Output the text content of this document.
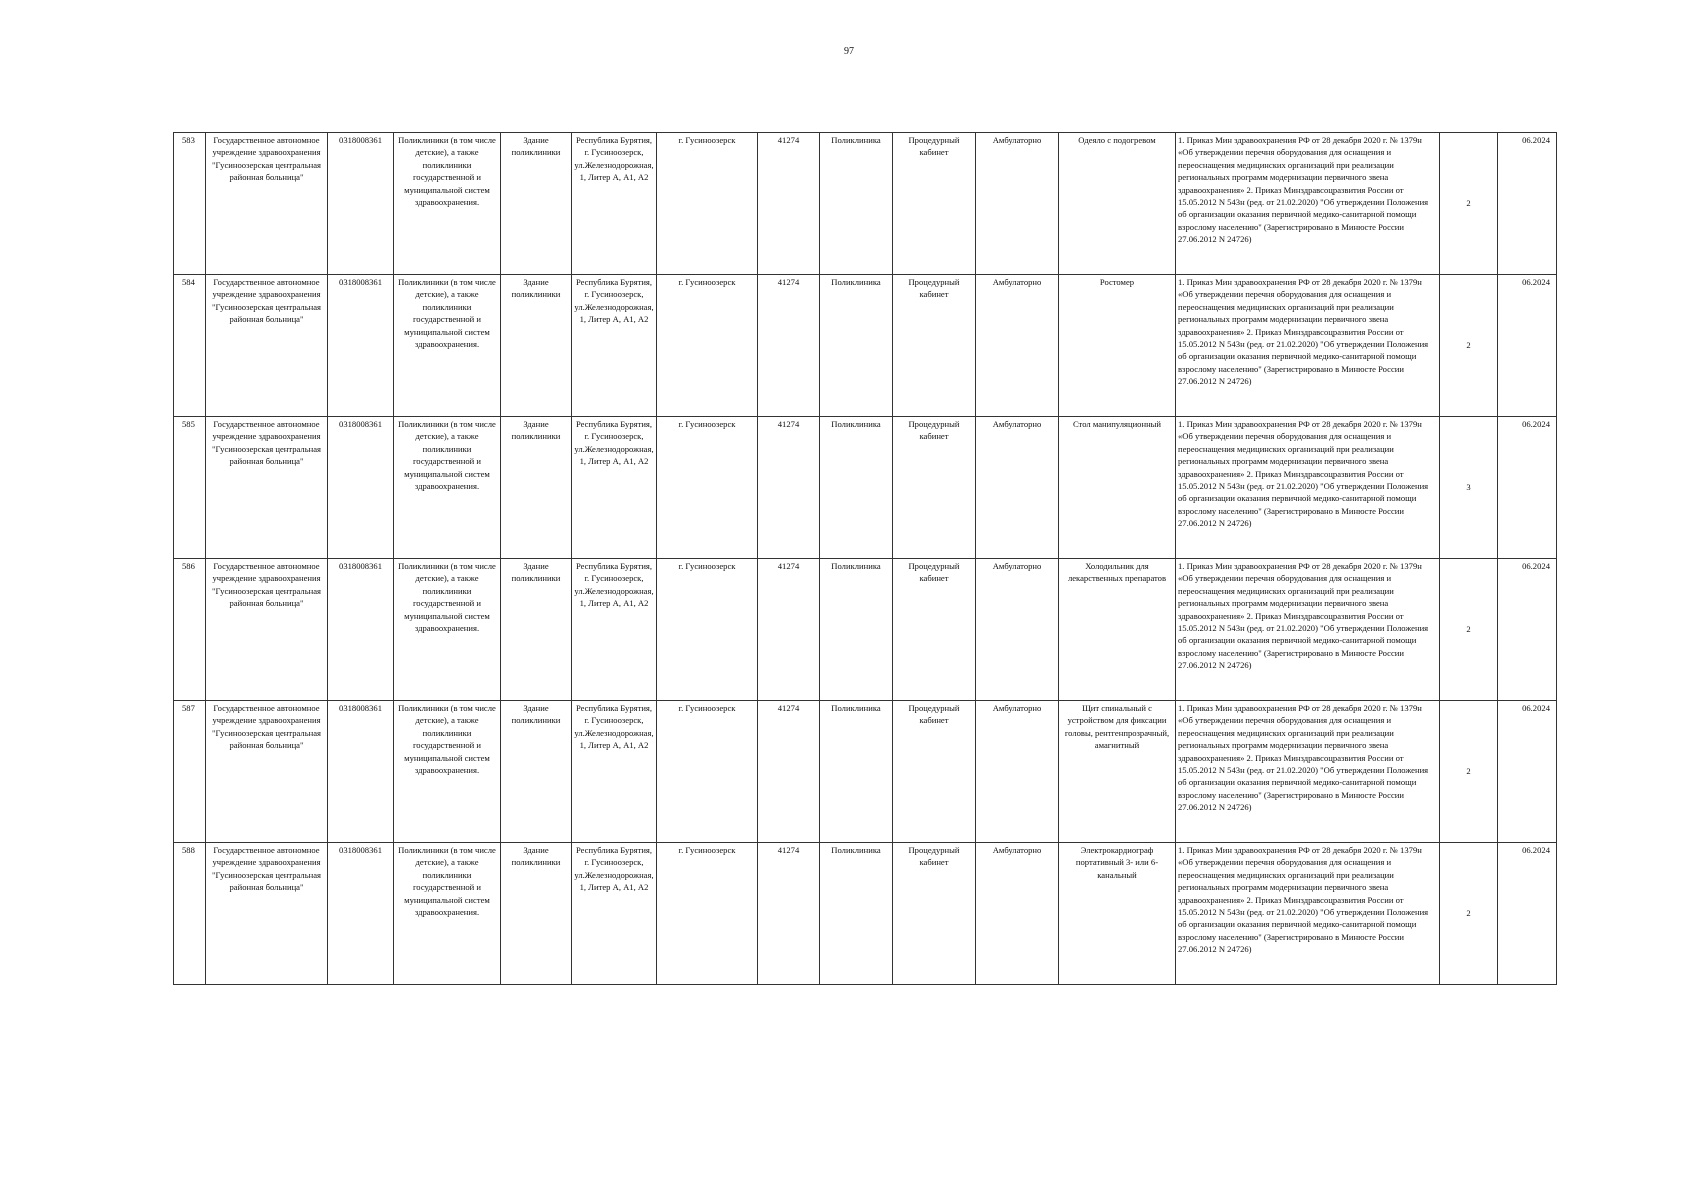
97
583	Государственное автономное учреждение здравоохранения "Гусиноозерская центральная районная больница"	0318008361	Поликлиники (в том числе детские), а также поликлиники государственной и муниципальной систем здравоохранения.	Здание поликлиники	Республика Бурятия, г. Гусиноозерск, ул.Железнодорожная, 1, Литер А, А1, А2	г. Гусиноозерск	41274	Поликлиника	Процедурный кабинет	Амбулаторно	Одеяло с подогревом	1. Приказ Мин здравоохранения РФ от 28 декабря 2020 г. № 1379н «Об утверждении перечня оборудования для оснащения и переоснащения медицинских организаций при реализации региональных программ модернизации первичного звена здравоохранения» 2. Приказ Минздравсоцразвития России от 15.05.2012 N 543н (ред. от 21.02.2020) "Об утверждении Положения об организации оказания первичной медико-санитарной помощи взрослому населению" (Зарегистрировано в Минюсте России 27.06.2012 N 24726)	2	06.2024
584	Государственное автономное учреждение здравоохранения "Гусиноозерская центральная районная больница"	0318008361	Поликлиники (в том числе детские), а также поликлиники государственной и муниципальной систем здравоохранения.	Здание поликлиники	Республика Бурятия, г. Гусиноозерск, ул.Железнодорожная, 1, Литер А, А1, А2	г. Гусиноозерск	41274	Поликлиника	Процедурный кабинет	Амбулаторно	Ростомер	1. Приказ Мин здравоохранения РФ от 28 декабря 2020 г. № 1379н «Об утверждении перечня оборудования для оснащения и переоснащения медицинских организаций при реализации региональных программ модернизации первичного звена здравоохранения» 2. Приказ Минздравсоцразвития России от 15.05.2012 N 543н (ред. от 21.02.2020) "Об утверждении Положения об организации оказания первичной медико-санитарной помощи взрослому населению" (Зарегистрировано в Минюсте России 27.06.2012 N 24726)	2	06.2024
585	Государственное автономное учреждение здравоохранения "Гусиноозерская центральная районная больница"	0318008361	Поликлиники (в том числе детские), а также поликлиники государственной и муниципальной систем здравоохранения.	Здание поликлиники	Республика Бурятия, г. Гусиноозерск, ул.Железнодорожная, 1, Литер А, А1, А2	г. Гусиноозерск	41274	Поликлиника	Процедурный кабинет	Амбулаторно	Стол манипуляционный	1. Приказ Мин здравоохранения РФ от 28 декабря 2020 г. № 1379н «Об утверждении перечня оборудования для оснащения и переоснащения медицинских организаций при реализации региональных программ модернизации первичного звена здравоохранения» 2. Приказ Минздравсоцразвития России от 15.05.2012 N 543н (ред. от 21.02.2020) "Об утверждении Положения об организации оказания первичной медико-санитарной помощи взрослому населению" (Зарегистрировано в Минюсте России 27.06.2012 N 24726)	3	06.2024
586	Государственное автономное учреждение здравоохранения "Гусиноозерская центральная районная больница"	0318008361	Поликлиники (в том числе детские), а также поликлиники государственной и муниципальной систем здравоохранения.	Здание поликлиники	Республика Бурятия, г. Гусиноозерск, ул.Железнодорожная, 1, Литер А, А1, А2	г. Гусиноозерск	41274	Поликлиника	Процедурный кабинет	Амбулаторно	Холодильник для лекарственных препаратов	1. Приказ Мин здравоохранения РФ от 28 декабря 2020 г. № 1379н «Об утверждении перечня оборудования для оснащения и переоснащения медицинских организаций при реализации региональных программ модернизации первичного звена здравоохранения» 2. Приказ Минздравсоцразвития России от 15.05.2012 N 543н (ред. от 21.02.2020) "Об утверждении Положения об организации оказания первичной медико-санитарной помощи взрослому населению" (Зарегистрировано в Минюсте России 27.06.2012 N 24726)	2	06.2024
587	Государственное автономное учреждение здравоохранения "Гусиноозерская центральная районная больница"	0318008361	Поликлиники (в том числе детские), а также поликлиники государственной и муниципальной систем здравоохранения.	Здание поликлиники	Республика Бурятия, г. Гусиноозерск, ул.Железнодорожная, 1, Литер А, А1, А2	г. Гусиноозерск	41274	Поликлиника	Процедурный кабинет	Амбулаторно	Щит спинальный с устройством для фиксации головы, рентгенпрозрачный, амагнитный	1. Приказ Мин здравоохранения РФ от 28 декабря 2020 г. № 1379н «Об утверждении перечня оборудования для оснащения и переоснащения медицинских организаций при реализации региональных программ модернизации первичного звена здравоохранения» 2. Приказ Минздравсоцразвития России от 15.05.2012 N 543н (ред. от 21.02.2020) "Об утверждении Положения об организации оказания первичной медико-санитарной помощи взрослому населению" (Зарегистрировано в Минюсте России 27.06.2012 N 24726)	2	06.2024
588	Государственное автономное учреждение здравоохранения "Гусиноозерская центральная районная больница"	0318008361	Поликлиники (в том числе детские), а также поликлиники государственной и муниципальной систем здравоохранения.	Здание поликлиники	Республика Бурятия, г. Гусиноозерск, ул.Железнодорожная, 1, Литер А, А1, А2	г. Гусиноозерск	41274	Поликлиника	Процедурный кабинет	Амбулаторно	Электрокардиограф портативный 3- или 6-канальный	1. Приказ Мин здравоохранения РФ от 28 декабря 2020 г. № 1379н «Об утверждении перечня оборудования для оснащения и переоснащения медицинских организаций при реализации региональных программ модернизации первичного звена здравоохранения» 2. Приказ Минздравсоцразвития России от 15.05.2012 N 543н (ред. от 21.02.2020) "Об утверждении Положения об организации оказания первичной медико-санитарной помощи взрослому населению" (Зарегистрировано в Минюсте России 27.06.2012 N 24726)	2	06.2024
